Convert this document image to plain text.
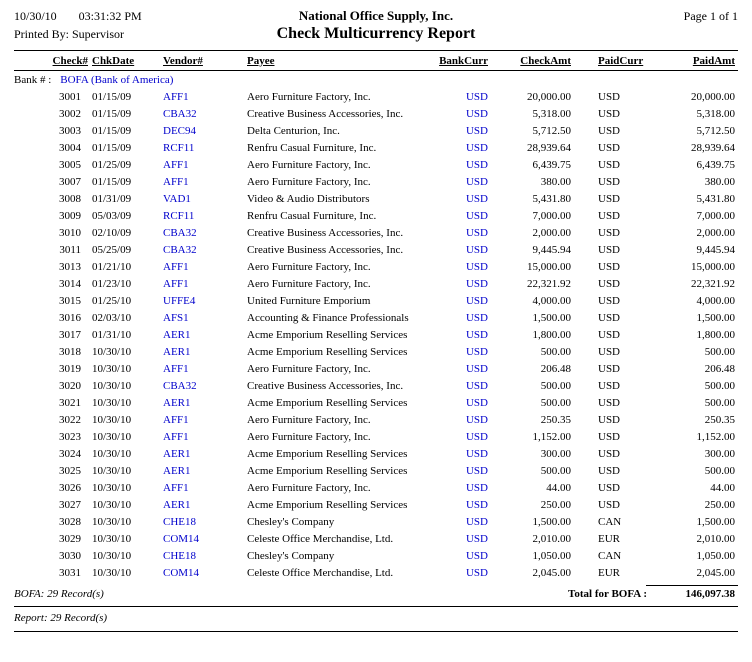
10/30/10 03:31:32 PM	National Office Supply, Inc.	Page 1 of 1
Printed By: Supervisor	Check Multicurrency Report
Check#	ChkDate	Vendor#	Payee	BankCurr	CheckAmt	PaidCurr	PaidAmt
Bank # : BOFA (Bank of America)							
3001	01/15/09	AFF1	Aero Furniture Factory, Inc.	USD	20,000.00	USD	20,000.00
3002	01/15/09	CBA32	Creative Business Accessories, Inc.	USD	5,318.00	USD	5,318.00
3003	01/15/09	DEC94	Delta Centurion, Inc.	USD	5,712.50	USD	5,712.50
3004	01/15/09	RCF11	Renfru Casual Furniture, Inc.	USD	28,939.64	USD	28,939.64
3005	01/25/09	AFF1	Aero Furniture Factory, Inc.	USD	6,439.75	USD	6,439.75
3007	01/15/09	AFF1	Aero Furniture Factory, Inc.	USD	380.00	USD	380.00
3008	01/31/09	VAD1	Video & Audio Distributors	USD	5,431.80	USD	5,431.80
3009	05/03/09	RCF11	Renfru Casual Furniture, Inc.	USD	7,000.00	USD	7,000.00
3010	02/10/09	CBA32	Creative Business Accessories, Inc.	USD	2,000.00	USD	2,000.00
3011	05/25/09	CBA32	Creative Business Accessories, Inc.	USD	9,445.94	USD	9,445.94
3013	01/21/10	AFF1	Aero Furniture Factory, Inc.	USD	15,000.00	USD	15,000.00
3014	01/23/10	AFF1	Aero Furniture Factory, Inc.	USD	22,321.92	USD	22,321.92
3015	01/25/10	UFFE4	United Furniture Emporium	USD	4,000.00	USD	4,000.00
3016	02/03/10	AFS1	Accounting & Finance Professionals	USD	1,500.00	USD	1,500.00
3017	01/31/10	AER1	Acme Emporium Reselling Services	USD	1,800.00	USD	1,800.00
3018	10/30/10	AER1	Acme Emporium Reselling Services	USD	500.00	USD	500.00
3019	10/30/10	AFF1	Aero Furniture Factory, Inc.	USD	206.48	USD	206.48
3020	10/30/10	CBA32	Creative Business Accessories, Inc.	USD	500.00	USD	500.00
3021	10/30/10	AER1	Acme Emporium Reselling Services	USD	500.00	USD	500.00
3022	10/30/10	AFF1	Aero Furniture Factory, Inc.	USD	250.35	USD	250.35
3023	10/30/10	AFF1	Aero Furniture Factory, Inc.	USD	1,152.00	USD	1,152.00
3024	10/30/10	AER1	Acme Emporium Reselling Services	USD	300.00	USD	300.00
3025	10/30/10	AER1	Acme Emporium Reselling Services	USD	500.00	USD	500.00
3026	10/30/10	AFF1	Aero Furniture Factory, Inc.	USD	44.00	USD	44.00
3027	10/30/10	AER1	Acme Emporium Reselling Services	USD	250.00	USD	250.00
3028	10/30/10	CHE18	Chesley's Company	USD	1,500.00	CAN	1,500.00
3029	10/30/10	COM14	Celeste Office Merchandise, Ltd.	USD	2,010.00	EUR	2,010.00
3030	10/30/10	CHE18	Chesley's Company	USD	1,050.00	CAN	1,050.00
3031	10/30/10	COM14	Celeste Office Merchandise, Ltd.	USD	2,045.00	EUR	2,045.00
BOFA: 29 Record(s)	Total for BOFA :	146,097.38
Report: 29 Record(s)
